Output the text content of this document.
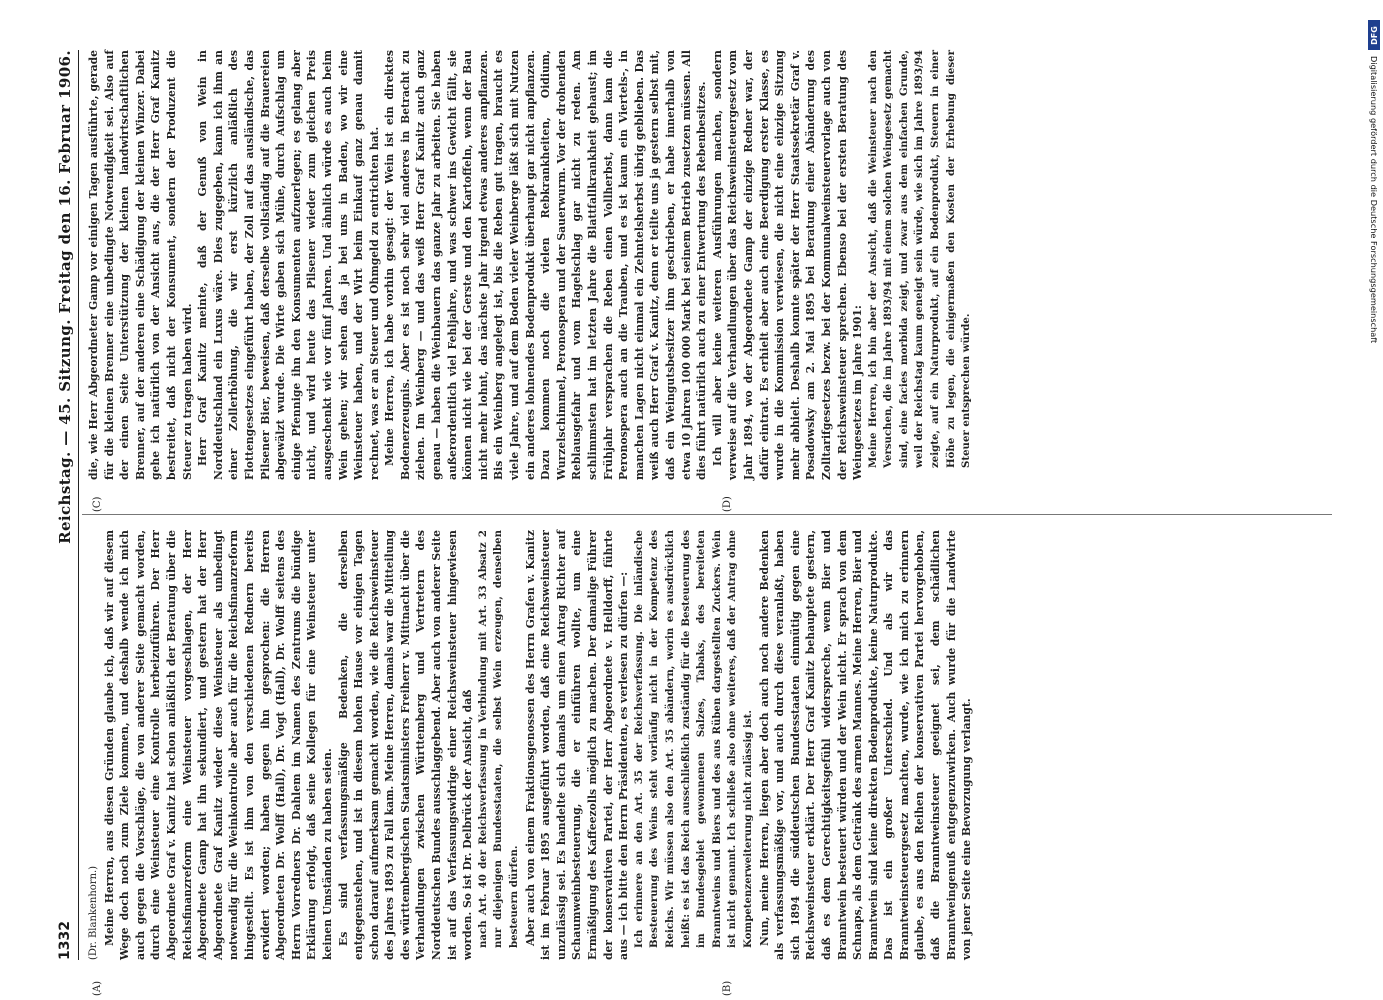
1332
Reichstag. — 45. Sitzung. Freitag den 16. Februar 1906.
(A)	(B)
(C)	(D)
(Dr. Blankenhorn.) Meine Herren, aus diesen Gründen glaube ich, daß wir auf diesem Wege doch noch zum Ziele kommen, und deshalb wende ich mich auch gegen die Vorschläge, die von anderer Seite gemacht worden, durch eine Weinsteuer eine Kontrolle herbeizuführen. Der Herr Abgeordnete Graf v. Kanitz hat schon anläßlich der Beratung über die Reichsfinanzreform eine Weinsteuer vorgeschlagen, der Herr Abgeordnete Gamp hat ihn sekundiert, und gestern hat der Herr Abgeordnete Graf Kanitz wieder diese Weinsteuer als unbedingt notwendig für die Weinkontrolle aber auch für die Reichsfinanzreform hingestellt. Es ist ihm von den verschiedenen Rednern bereits erwidert worden; haben gegen ihn gesprochen: die Herren Abgeordneten Dr. Wolff (Hall), Dr. Vogt (Hall), Dr. Wolff seitens des Herrn Vorredners Dr. Dahlem im Namen des Zentrums die bündige Erklärung erfolgt, daß seine Kollegen für eine Weinsteuer unter keinen Umständen zu haben seien. Es sind verfassungsmäßige Bedenken, die derselben entgegenstehen, und ist in diesem hohen Hause vor einigen Tagen schon darauf aufmerksam gemacht worden, wie die Reichsweinsteuer des Jahres 1893 zu Fall kam. Meine Herren, damals war die Mitteilung des württembergischen Staatsministers Freiherr v. Mittnacht über die Verhandlungen zwischen Württemberg und Vertretern des Norddeutschen Bundes ausschlaggebend. Aber auch von anderer Seite ist auf das Verfassungswidrige einer Reichsweinsteuer hingewiesen worden. So ist Dr. Delbrück der Ansicht, daß nach Art. 40 der Reichsverfassung in Verbindung mit Art. 33 Absatz 2 nur diejenigen Bundesstaaten, die selbst Wein erzeugen, denselben besteuern dürfen. Aber auch von einem Fraktionsgenossen des Herrn Grafen v. Kanitz ist im Februar 1895 ausgeführt worden, daß eine Reichsweinsteuer unzulässig sei. Es handelte sich damals um einen Antrag Richter auf Schaumweinbesteuerung, die er einführen wollte, um eine Ermäßigung des Kaffeezolls möglich zu machen. Der damalige Führer der konservativen Partei, der Herr Abgeordnete v. Helldorff, führte aus — ich bitte den Herrn Präsidenten, es verlesen zu dürfen —: Ich erinnere an den Art. 35 der Reichsverfassung. Die inländische Besteuerung des Weins steht vorläufig nicht in der Kompetenz des Reichs. Wir müssen also den Art. 35 abändern, worin es ausdrücklich heißt: es ist das Reich ausschließlich zuständig für die Besteuerung des im Bundesgebiet gewonnenen Salzes, Tabaks, des bereiteten Branntweins und Biers und des aus Rüben dargestellten Zuckers. Wein ist nicht genannt. Ich schließe also ohne weiteres, daß der Antrag ohne Kompetenzerweiterung nicht zulässig ist. Nun, meine Herren, liegen aber doch auch noch andere Bedenken als verfassungsmäßige vor, und auch durch diese veranlaßt, haben sich 1894 die süddeutschen Bundesstaaten einmütig gegen eine Reichsweinsteuer erklärt. Der Herr Graf Kanitz behauptete gestern, daß es dem Gerechtigkeitsgefühl widerspreche, wenn Bier und Branntwein besteuert würden und der Wein nicht. Er sprach von dem Schnaps, als dem Getränk des armen Mannes. Meine Herren, Bier und Branntwein sind keine direkten Bodenprodukte, keine Naturprodukte. Das ist ein großer Unterschied. Und als wir das Branntweinsteuergesetz machten, wurde, wie ich mich zu erinnern glaube, es aus den Reihen der konservativen Partei hervorgehoben, daß die Branntweinsteuer geeignet sei, dem schädlichen Branntweingenuß entgegenzuwirken. Auch wurde für die Landwirte von jener Seite eine Bevorzugung verlangt.

die, wie Herr Abgeordneter Gamp vor einigen Tagen ausführte, gerade für die kleinen Brenner eine unbedingte Notwendigkeit sei. Also auf der einen Seite Unterstützung der kleinen landwirtschaftlichen Brenner, auf der anderen eine Schädigung der kleinen Winzer. Dabei gehe ich natürlich von der Ansicht aus, die der Herr Graf Kanitz bestreitet, daß nicht der Konsument, sondern der Produzent die Steuer zu tragen haben wird. Herr Graf Kanitz meinte, daß der Genuß von Wein in Norddeutschland ein Luxus wäre. Dies zugegeben, kann ich ihm an einer Zollerhöhung, die wir erst kürzlich anläßlich des Flottengesetzes eingeführt haben, der Zoll auf das ausländische, das Pilsener Bier, beweisen, daß derselbe vollständig auf die Brauereien abgewälzt wurde. Die Wirte gaben sich Mühe, durch Aufschlag um einige Pfennige ihn den Konsumenten aufzuerlegen; es gelang aber nicht, und wird heute das Pilsener wieder zum gleichen Preis ausgeschenkt wie vor fünf Jahren. Und ähnlich würde es auch beim Wein gehen; wir sehen das ja bei uns in Baden, wo wir eine Weinsteuer haben, und der Wirt beim Einkauf ganz genau damit rechnet, was er an Steuer und Ohmgeld zu entrichten hat. Meine Herren, ich habe vorhin gesagt: der Wein ist ein direktes Bodenerzeugnis. Aber es ist noch sehr viel anderes in Betracht zu ziehen. Im Weinberg — und das weiß Herr Graf Kanitz auch ganz genau — haben die Weinbauern das ganze Jahr zu arbeiten. Sie haben außerordentlich viel Fehljahre, und was schwer ins Gewicht fällt, sie können nicht wie bei der Gerste und den Kartoffeln, wenn der Bau nicht mehr lohnt, das nächste Jahr irgend etwas anderes anpflanzen. Bis ein Weinberg angelegt ist, bis die Reben gut tragen, braucht es viele Jahre, und auf dem Boden vieler Weinberge läßt sich mit Nutzen ein anderes lohnendes Bodenprodukt überhaupt gar nicht anpflanzen. Dazu kommen noch die vielen Rebkrankheiten, Oidium, Wurzelschimmel, Peronospera und der Sauerwurm. Vor der drohenden Reblausgefahr und vom Hagelschlag gar nicht zu reden. Am schlimmsten hat im letzten Jahre die Blattfallkrankheit gehaust; im Frühjahr versprachen die Reben einen Vollherbst, dann kam die Peronospera auch an die Trauben, und es ist kaum ein Viertels-, in manchen Lagen nicht einmal ein Zehntelsherbst übrig geblieben. Das weiß auch Herr Graf v. Kanitz, denn er teilte uns ja gestern selbst mit, daß ein Weingutsbesitzer ihm geschrieben, er habe innerhalb von etwa 10 Jahren 100 000 Mark bei seinem Betrieb zusetzen müssen. All dies führt natürlich auch zu einer Entwertung des Rebenbesitzes. Ich will aber keine weiteren Ausführungen machen, sondern verweise auf die Verhandlungen über das Reichsweinsteuergesetz vom Jahr 1894, wo der Abgeordnete Gamp der einzige Redner war, der dafür eintrat. Es erhielt aber auch eine Beerdigung erster Klasse, es wurde in die Kommission verwiesen, die nicht eine einzige Sitzung mehr abhielt. Deshalb konnte später der Herr Staatssekretär Graf v. Posadowsky am 2. Mai 1895 bei Beratung einer Abänderung des Zolltarifgesetzes bezw. bei der Kommunalweinsteuervorlage auch von der Reichsweinsteuer sprechen. Ebenso bei der ersten Beratung des Weingesetzes im Jahre 1901: Meine Herren, ich bin aber der Ansicht, daß die Weinsteuer nach den Versuchen, die im Jahre 1893/94 mit einem solchen Weingesetz gemacht sind, eine facies morbida zeigt, und zwar aus dem einfachen Grunde, weil der Reichstag kaum geneigt sein würde, wie sich im Jahre 1893/94 zeigte, auf ein Naturprodukt, auf ein Bodenprodukt, Steuern in einer Höhe zu legen, die einigermaßen den Kosten der Erhebung dieser Steuer entsprechen würde.

DFG
Digitalisierung gefördert durch die Deutsche Forschungsgemeinschaft
